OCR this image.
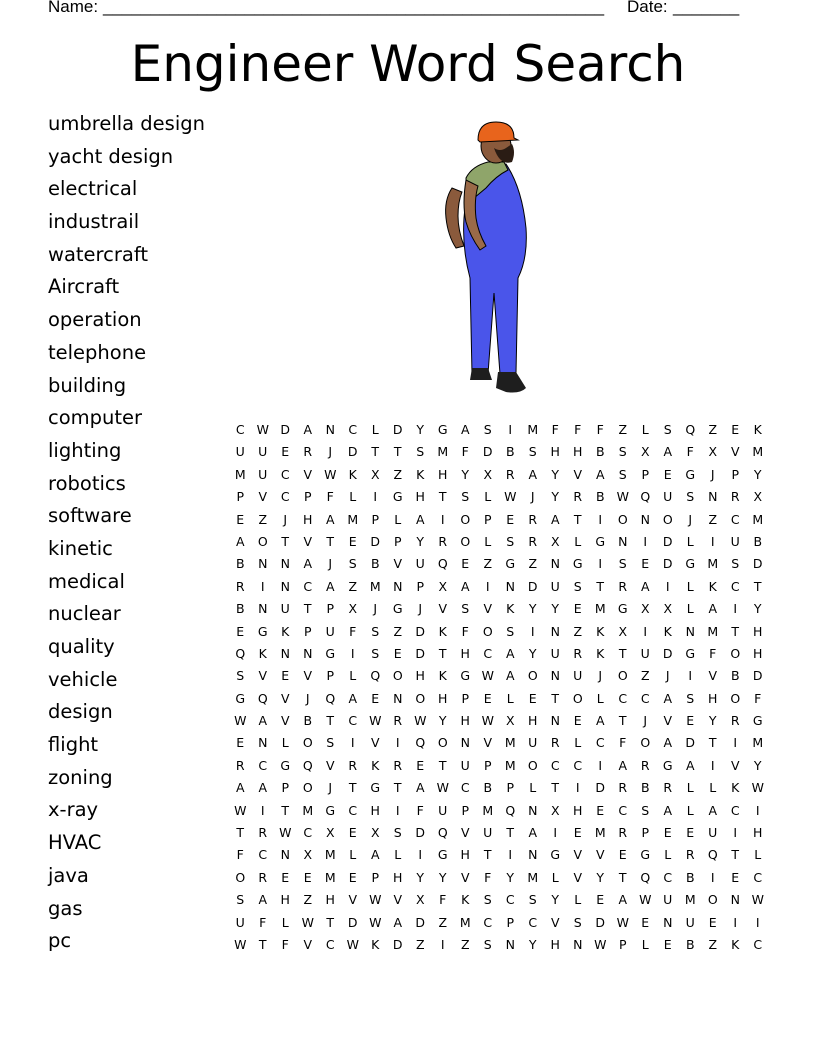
Name: _____________________________________________________ Date: _______
Engineer Word Search
umbrella design
yacht design
electrical
industrail
watercraft
Aircraft
operation
telephone
building
computer
lighting
robotics
software
kinetic
medical
nuclear
quality
vehicle
design
flight
zoning
x-ray
HVAC
java
gas
pc
C W D	A	N	C	L	D	Y	G	A	S	I	M	F	F	F	Z	L	S	Q	Z	E	K
U	U	E	R	J	D	T	T	S	M	F	D	B	S	H	H	B	S	X	A	F	X	V	M
M	U	C	V W K	X	Z	K	H	Y	X	R	A	Y	V	A	S	P	E	G	J	P	Y
P	V	C	P	F	L	I	G	H	T	S	L	W	J	Y	R	B W Q	U	S	N	R	X
E	Z	J	H	A	M	P	L	A	I	O	P	E	R	A	T	I	O	N	O	J	Z	C	M
A	O	T	V	T	E	D	P	Y	R	O	L	S	R	X	L	G	N	I	D	L	I	U	B
B	N	N	A	J	S	B	V	U	Q	E	Z	G	Z	N	G	I	S	E	D	G M	S	D
R	I	N	C	A	Z	M N	P	X	A	I	N	D	U	S	T	R	A	I	L	K	C	T
B	N	U	T	P	X	J	G	J	V	S	V	K	Y	Y	E	M G	X	X	L	A	I	Y
E	G	K	P	U	F	S	Z	D	K	F	O	S	I	N	Z	K	X	I	K	N M	T	H
Q	K	N	N	G	I	S	E	D	T	H	C	A	Y	U	R	K	T	U	D	G	F	O	H
S	V	E	V	P	L	Q	O	H	K	G W A	O	N	U	J	O	Z	J	I	V	B	D
G	Q	V	J	Q	A	E	N	O	H	P	E	L	E	T	O	L	C	C	A	S	H	O	F
W A	V	B	T	C W R W Y	H W X	H	N	E	A	T	J	V	E	Y	R	G
E	N	L	O	S	I	V	I	Q	O	N	V	M	U	R	L	C	F	O	A	D	T	I	M
R	C	G	Q	V	R	K	R	E	T	U	P	M O	C	C	I	A	R	G	A	I	V	Y
A	A	P	O	J	T	G	T	A W C	B	P	L	T	I	D	R	B	R	L	L	K W
W	I	T	M G	C	H	I	F	U	P	M Q	N	X	H	E	C	S	A	L	A	C	I
T	R W C	X	E	X	S	D	Q	V	U	T	A	I	E	M	R	P	E	E	U	I	H
F	C	N	X	M	L	A	L	I	G	H	T	I	N	G	V	V	E	G	L	R	Q	T	L
O	R	E	E	M	E	P	H	Y	Y	V	F	Y	M	L	V	Y	T	Q	C	B	I	E	C
S	A	H	Z	H	V W V	X	F	K	S	C	S	Y	L	E	A W U	M O	N W
U	F	L	W T	D W A	D	Z	M	C	P	C	V	S	D W E	N	U	E	I	I
W T	F	V	C W K	D	Z	I	Z	S	N	Y	H	N W	P	L	E	B	Z	K	C
